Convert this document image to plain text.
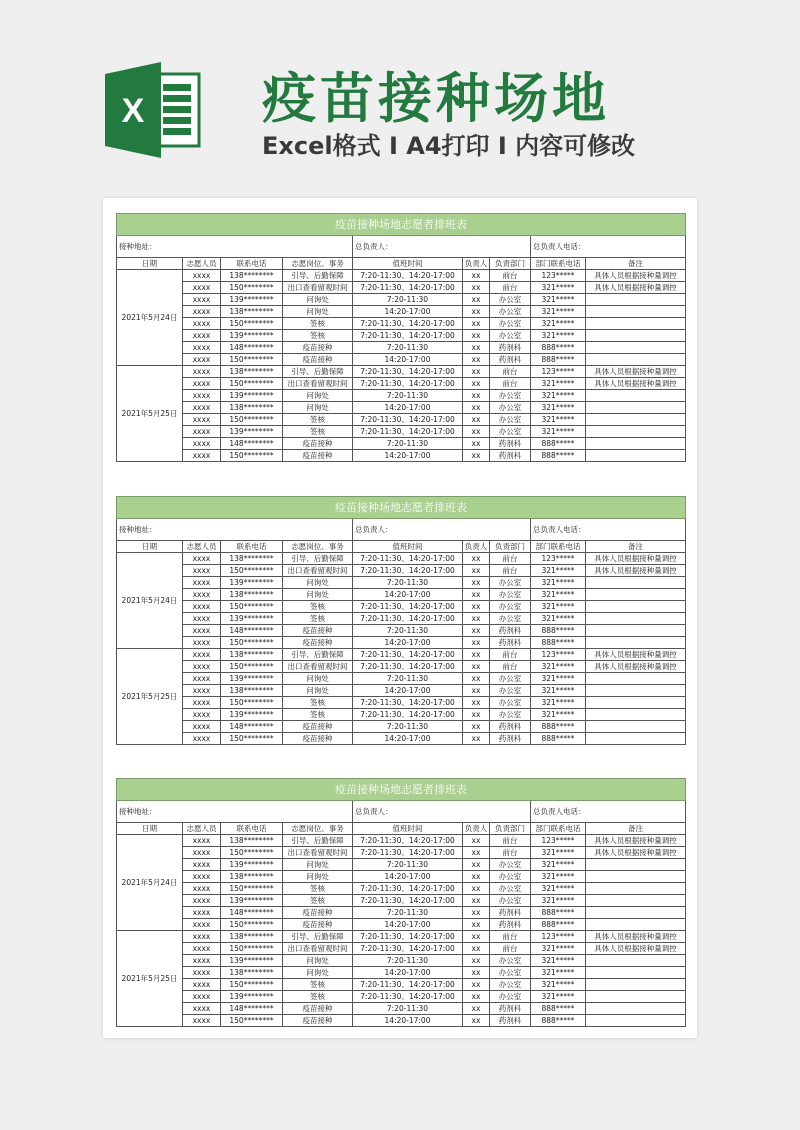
X 疫苗接种场地
Excel格式 I A4打印 I 内容可修改
疫苗接种场地志愿者排班表								
接种地址：				总负责人：			总负责人电话：	
日期	志愿人员	联系电话	志愿岗位、事务	值班时间	负责人	负责部门	部门联系电话	备注
2021年5月24日	xxxx	138********	引导、后勤保障	7:20-11:30、14:20-17:00	xx	前台	123*****	具体人员根据接种量调控
	xxxx	150********	出口查看留观时间	7:20-11:30、14:20-17:00	xx	前台	321*****	具体人员根据接种量调控
	xxxx	139********	问询处	7:20-11:30	xx	办公室	321*****	
	xxxx	138********	问询处	14:20-17:00	xx	办公室	321*****	
	xxxx	150********	签核	7:20-11:30、14:20-17:00	xx	办公室	321*****	
	xxxx	139********	签核	7:20-11:30、14:20-17:00	xx	办公室	321*****	
	xxxx	148********	疫苗接种	7:20-11:30	xx	药剂科	888*****	
	xxxx	150********	疫苗接种	14:20-17:00	xx	药剂科	888*****	
2021年5月25日	xxxx	138********	引导、后勤保障	7:20-11:30、14:20-17:00	xx	前台	123*****	具体人员根据接种量调控
	xxxx	150********	出口查看留观时间	7:20-11:30、14:20-17:00	xx	前台	321*****	具体人员根据接种量调控
	xxxx	139********	问询处	7:20-11:30	xx	办公室	321*****	
	xxxx	138********	问询处	14:20-17:00	xx	办公室	321*****	
	xxxx	150********	签核	7:20-11:30、14:20-17:00	xx	办公室	321*****	
	xxxx	139********	签核	7:20-11:30、14:20-17:00	xx	办公室	321*****	
	xxxx	148********	疫苗接种	7:20-11:30	xx	药剂科	888*****	
	xxxx	150********	疫苗接种	14:20-17:00	xx	药剂科	888*****	
疫苗接种场地志愿者排班表								
接种地址：				总负责人：			总负责人电话：	
日期	志愿人员	联系电话	志愿岗位、事务	值班时间	负责人	负责部门	部门联系电话	备注
2021年5月24日	xxxx	138********	引导、后勤保障	7:20-11:30、14:20-17:00	xx	前台	123*****	具体人员根据接种量调控
	xxxx	150********	出口查看留观时间	7:20-11:30、14:20-17:00	xx	前台	321*****	具体人员根据接种量调控
	xxxx	139********	问询处	7:20-11:30	xx	办公室	321*****	
	xxxx	138********	问询处	14:20-17:00	xx	办公室	321*****	
	xxxx	150********	签核	7:20-11:30、14:20-17:00	xx	办公室	321*****	
	xxxx	139********	签核	7:20-11:30、14:20-17:00	xx	办公室	321*****	
	xxxx	148********	疫苗接种	7:20-11:30	xx	药剂科	888*****	
	xxxx	150********	疫苗接种	14:20-17:00	xx	药剂科	888*****	
2021年5月25日	xxxx	138********	引导、后勤保障	7:20-11:30、14:20-17:00	xx	前台	123*****	具体人员根据接种量调控
	xxxx	150********	出口查看留观时间	7:20-11:30、14:20-17:00	xx	前台	321*****	具体人员根据接种量调控
	xxxx	139********	问询处	7:20-11:30	xx	办公室	321*****	
	xxxx	138********	问询处	14:20-17:00	xx	办公室	321*****	
	xxxx	150********	签核	7:20-11:30、14:20-17:00	xx	办公室	321*****	
	xxxx	139********	签核	7:20-11:30、14:20-17:00	xx	办公室	321*****	
	xxxx	148********	疫苗接种	7:20-11:30	xx	药剂科	888*****	
	xxxx	150********	疫苗接种	14:20-17:00	xx	药剂科	888*****	
疫苗接种场地志愿者排班表								
接种地址：				总负责人：			总负责人电话：	
日期	志愿人员	联系电话	志愿岗位、事务	值班时间	负责人	负责部门	部门联系电话	备注
2021年5月24日	xxxx	138********	引导、后勤保障	7:20-11:30、14:20-17:00	xx	前台	123*****	具体人员根据接种量调控
	xxxx	150********	出口查看留观时间	7:20-11:30、14:20-17:00	xx	前台	321*****	具体人员根据接种量调控
	xxxx	139********	问询处	7:20-11:30	xx	办公室	321*****	
	xxxx	138********	问询处	14:20-17:00	xx	办公室	321*****	
	xxxx	150********	签核	7:20-11:30、14:20-17:00	xx	办公室	321*****	
	xxxx	139********	签核	7:20-11:30、14:20-17:00	xx	办公室	321*****	
	xxxx	148********	疫苗接种	7:20-11:30	xx	药剂科	888*****	
	xxxx	150********	疫苗接种	14:20-17:00	xx	药剂科	888*****	
2021年5月25日	xxxx	138********	引导、后勤保障	7:20-11:30、14:20-17:00	xx	前台	123*****	具体人员根据接种量调控
	xxxx	150********	出口查看留观时间	7:20-11:30、14:20-17:00	xx	前台	321*****	具体人员根据接种量调控
	xxxx	139********	问询处	7:20-11:30	xx	办公室	321*****	
	xxxx	138********	问询处	14:20-17:00	xx	办公室	321*****	
	xxxx	150********	签核	7:20-11:30、14:20-17:00	xx	办公室	321*****	
	xxxx	139********	签核	7:20-11:30、14:20-17:00	xx	办公室	321*****	
	xxxx	148********	疫苗接种	7:20-11:30	xx	药剂科	888*****	
	xxxx	150********	疫苗接种	14:20-17:00	xx	药剂科	888*****	
